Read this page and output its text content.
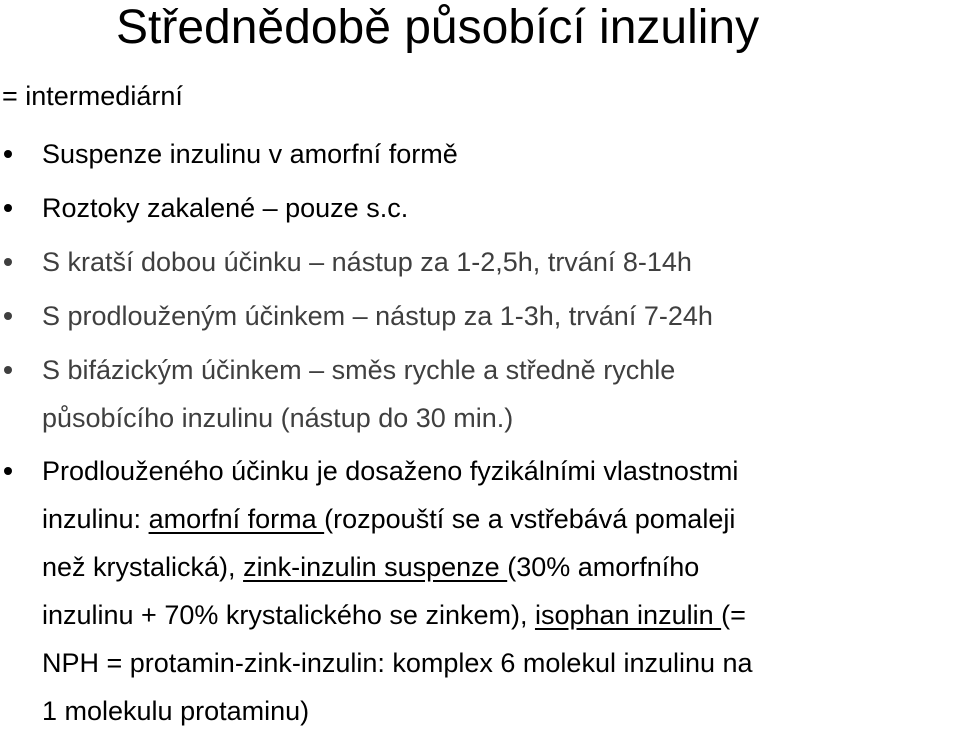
Střednědobě působící inzuliny
= intermediární
Suspenze inzulinu v amorfní formě
Roztoky zakalené – pouze s.c.
S kratší dobou účinku – nástup za 1-2,5h, trvání 8-14h
S prodlouženým účinkem – nástup za 1-3h, trvání 7-24h
S bifázickým účinkem – směs rychle a středně rychle
působícího inzulinu (nástup do 30 min.)
Prodlouženého účinku je dosaženo fyzikálními vlastnostmi
inzulinu: amorfní forma (rozpouští se a vstřebává pomaleji
než krystalická), zink-inzulin suspenze (30% amorfního
inzulinu + 70% krystalického se zinkem), isophan inzulin (=
NPH = protamin-zink-inzulin: komplex 6 molekul inzulinu na
1 molekulu protaminu)
